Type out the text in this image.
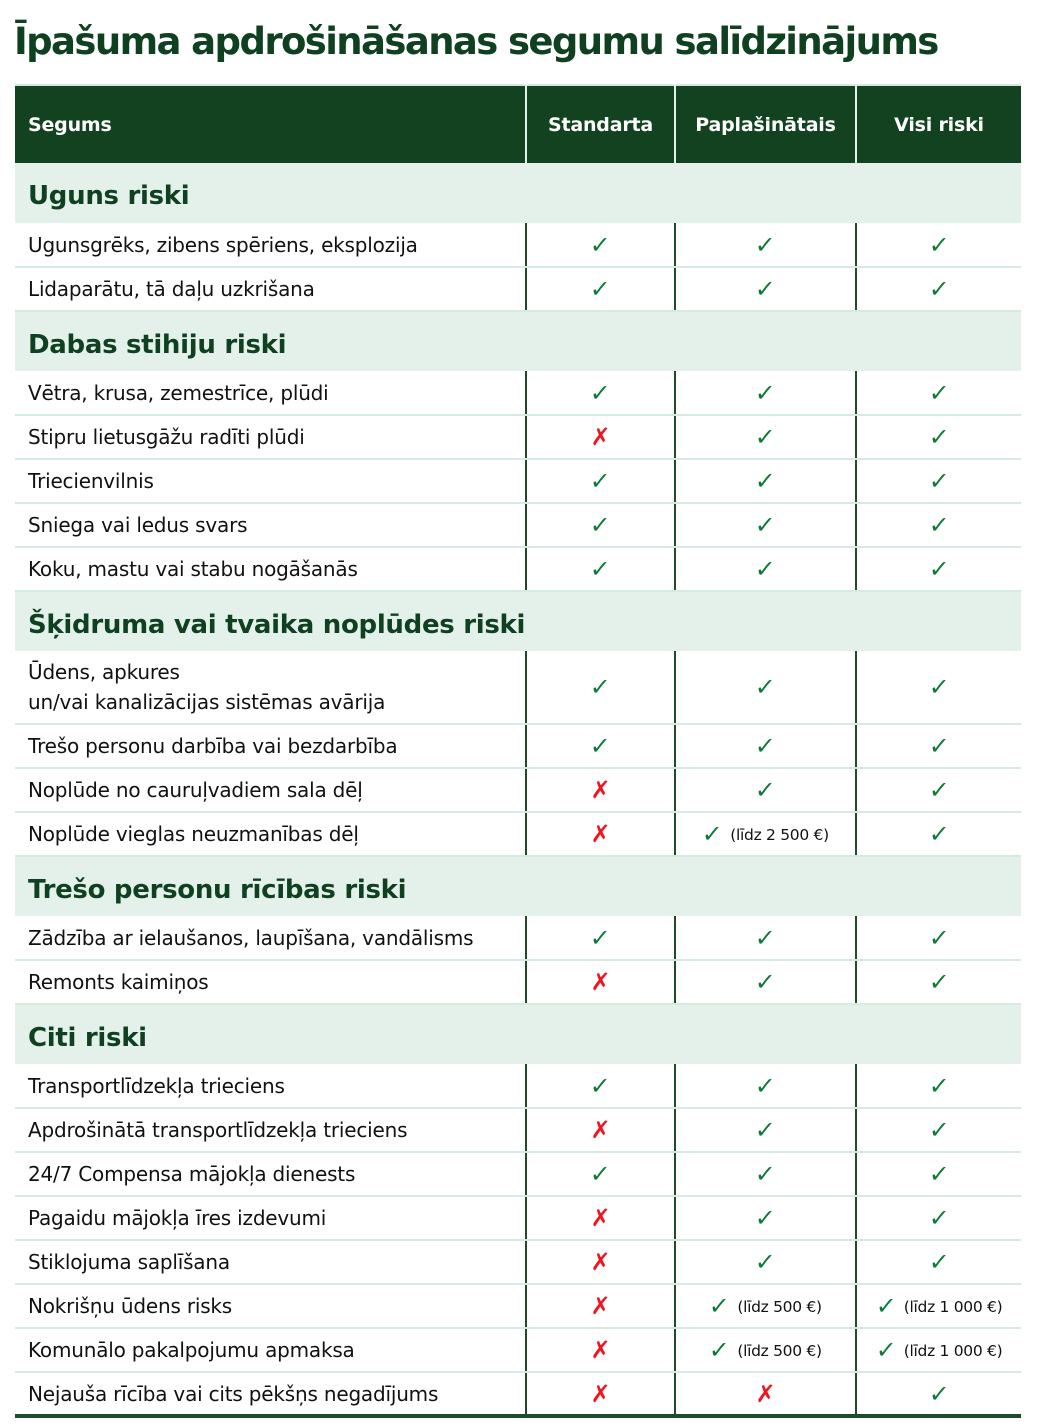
Īpašuma apdrošināšanas segumu salīdzinājums
Segums	Standarta	Paplašinātais	Visi riski
Uguns riski			
Ugunsgrēks, zibens spēriens, eksplozija	✓	✓	✓
Lidaparātu, tā daļu uzkrišana	✓	✓	✓
Dabas stihiju riski			
Vētra, krusa, zemestrīce, plūdi	✓	✓	✓
Stipru lietusgāžu radīti plūdi	✗	✓	✓
Triecienvilnis	✓	✓	✓
Sniega vai ledus svars	✓	✓	✓
Koku, mastu vai stabu nogāšanās	✓	✓	✓
Šķidruma vai tvaika noplūdes riski			
Ūdens, apkures
un/vai kanalizācijas sistēmas avārija	✓	✓	✓
Trešo personu darbība vai bezdarbība	✓	✓	✓
Noplūde no cauruļvadiem sala dēļ	✗	✓	✓
Noplūde vieglas neuzmanības dēļ	✗	✓ (līdz 2 500 €)	✓
Trešo personu rīcības riski			
Zādzība ar ielaušanos, laupīšana, vandālisms	✓	✓	✓
Remonts kaimiņos	✗	✓	✓
Citi riski			
Transportlīdzekļa trieciens	✓	✓	✓
Apdrošinātā transportlīdzekļa trieciens	✗	✓	✓
24/7 Compensa mājokļa dienests	✓	✓	✓
Pagaidu mājokļa īres izdevumi	✗	✓	✓
Stiklojuma saplīšana	✗	✓	✓
Nokrišņu ūdens risks	✗	✓ (līdz 500 €)	✓ (līdz 1 000 €)
Komunālo pakalpojumu apmaksa	✗	✓ (līdz 500 €)	✓ (līdz 1 000 €)
Nejauša rīcība vai cits pēkšņs negadījums	✗	✗	✓
